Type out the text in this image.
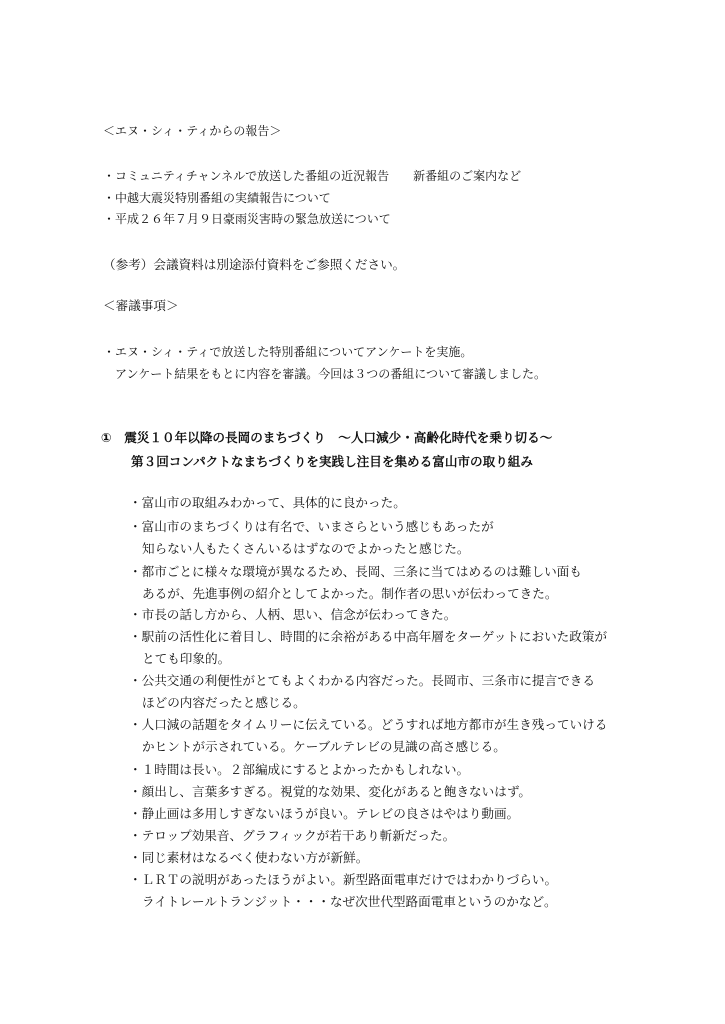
＜エヌ・シィ・ティからの報告＞
・コミュニティチャンネルで放送した番組の近況報告　　新番組のご案内など
・中越大震災特別番組の実績報告について
・平成２６年７月９日豪雨災害時の緊急放送について
（参考）会議資料は別途添付資料をご参照ください。
＜審議事項＞
・エヌ・シィ・ティで放送した特別番組についてアンケートを実施。
アンケート結果をもとに内容を審議。今回は３つの番組について審議しました。
①　震災１０年以降の長岡のまちづくり　～人口減少・高齢化時代を乗り切る～
第３回コンパクトなまちづくりを実践し注目を集める富山市の取り組み
・富山市の取組みわかって、具体的に良かった。
・富山市のまちづくりは有名で、いまさらという感じもあったが
知らない人もたくさんいるはずなのでよかったと感じた。
・都市ごとに様々な環境が異なるため、長岡、三条に当てはめるのは難しい面も
あるが、先進事例の紹介としてよかった。制作者の思いが伝わってきた。
・市長の話し方から、人柄、思い、信念が伝わってきた。
・駅前の活性化に着目し、時間的に余裕がある中高年層をターゲットにおいた政策が
とても印象的。
・公共交通の利便性がとてもよくわかる内容だった。長岡市、三条市に提言できる
ほどの内容だったと感じる。
・人口減の話題をタイムリーに伝えている。どうすれば地方都市が生き残っていける
かヒントが示されている。ケーブルテレビの見識の高さ感じる。
・１時間は長い。２部編成にするとよかったかもしれない。
・顔出し、言葉多すぎる。視覚的な効果、変化があると飽きないはず。
・静止画は多用しすぎないほうが良い。テレビの良さはやはり動画。
・テロップ効果音、グラフィックが若干あり斬新だった。
・同じ素材はなるべく使わない方が新鮮。
・ＬＲＴの説明があったほうがよい。新型路面電車だけではわかりづらい。
ライトレールトランジット・・・なぜ次世代型路面電車というのかなど。
